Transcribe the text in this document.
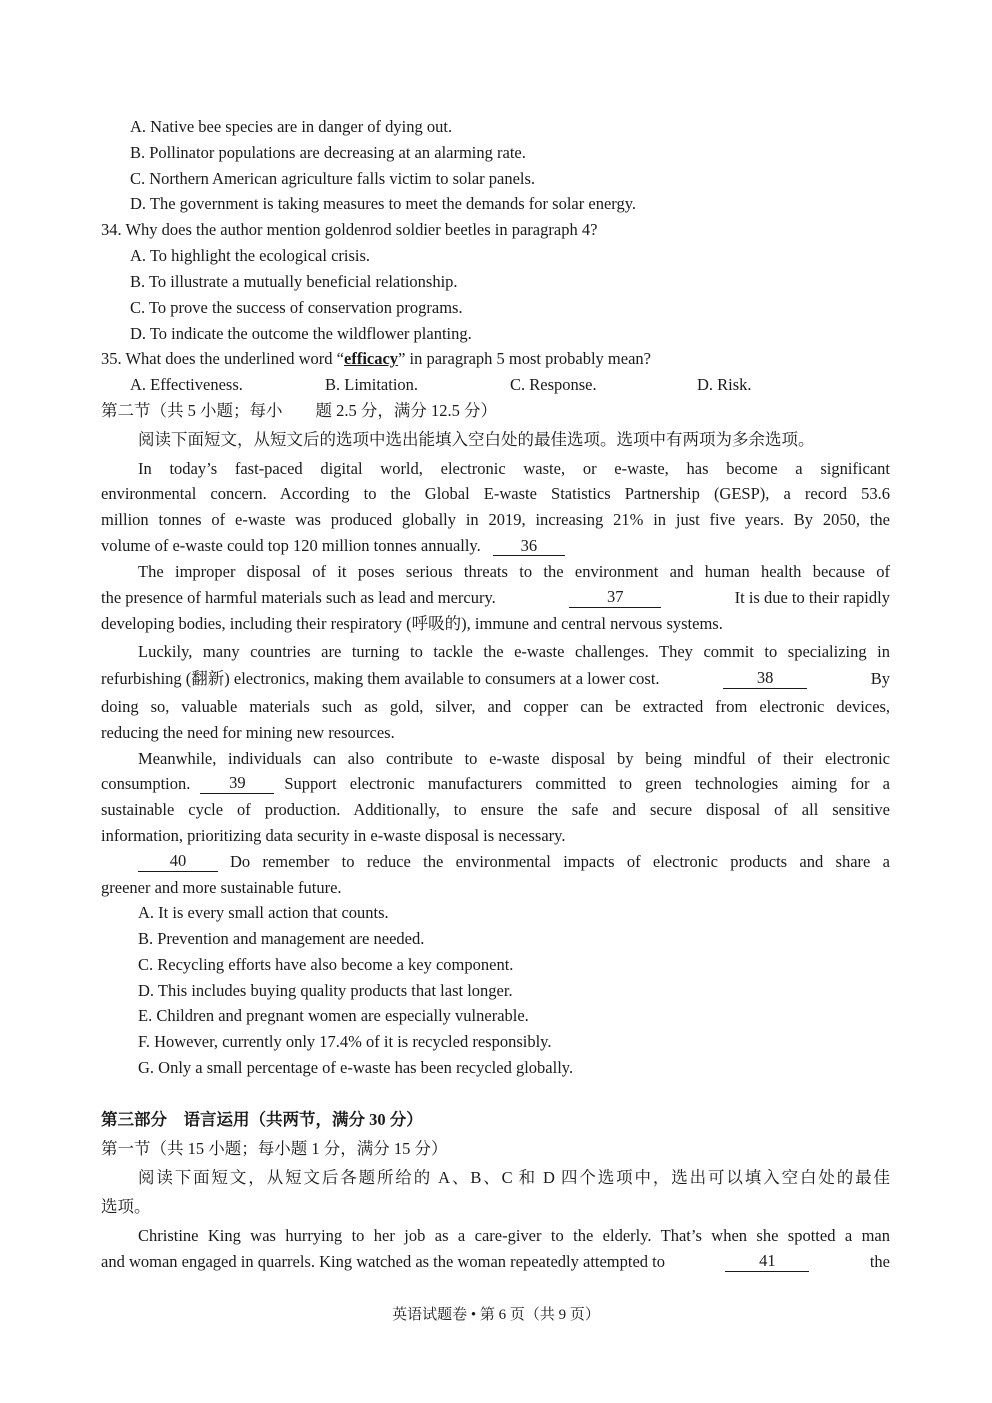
A. Native bee species are in danger of dying out.
B. Pollinator populations are decreasing at an alarming rate.
C. Northern American agriculture falls victim to solar panels.
D. The government is taking measures to meet the demands for solar energy.
34. Why does the author mention goldenrod soldier beetles in paragraph 4?
A. To highlight the ecological crisis.
B. To illustrate a mutually beneficial relationship.
C. To prove the success of conservation programs.
D. To indicate the outcome the wildflower planting.
35. What does the underlined word “efficacy” in paragraph 5 most probably mean?
A. Effectiveness.	B. Limitation.	C. Response.	D. Risk.
第二节（共 5 小题；每小　　题 2.5 分，满分 12.5 分）
阅读下面短文，从短文后的选项中选出能填入空白处的最佳选项。选项中有两项为多余选项。
In today’s fast-paced digital world, electronic waste, or e-waste, has become a significant
environmental concern. According to the Global E-waste Statistics Partnership (GESP), a record 53.6
million tonnes of e-waste was produced globally in 2019, increasing 21% in just five years. By 2050, the
volume of e-waste could top 120 million tonnes annually. 36
The improper disposal of it poses serious threats to the environment and human health because of
the presence of harmful materials such as lead and mercury.	37	It is due to their rapidly
developing bodies, including their respiratory (呼吸的), immune and central nervous systems.
Luckily, many countries are turning to tackle the e-waste challenges. They commit to specializing in
refurbishing (翻新) electronics, making them available to consumers at a lower cost.	38	By
doing so, valuable materials such as gold, silver, and copper can be extracted from electronic devices,
reducing the need for mining new resources.
Meanwhile, individuals can also contribute to e-waste disposal by being mindful of their electronic
consumption.	39	Support electronic manufacturers committed to green technologies aiming for a
sustainable cycle of production. Additionally, to ensure the safe and secure disposal of all sensitive
information, prioritizing data security in e-waste disposal is necessary.
40	Do remember to reduce the environmental impacts of electronic products and share a
greener and more sustainable future.
A. It is every small action that counts.
B. Prevention and management are needed.
C. Recycling efforts have also become a key component.
D. This includes buying quality products that last longer.
E. Children and pregnant women are especially vulnerable.
F. However, currently only 17.4% of it is recycled responsibly.
G. Only a small percentage of e-waste has been recycled globally.
第三部分　语言运用（共两节，满分 30 分）
第一节（共 15 小题；每小题 1 分，满分 15 分）
阅读下面短文，从短文后各题所给的 A、B、C 和 D 四个选项中，选出可以填入空白处的最佳
选项。
Christine King was hurrying to her job as a care-giver to the elderly. That’s when she spotted a man
and woman engaged in quarrels. King watched as the woman repeatedly attempted to	41	the
英语试题卷 • 第 6 页（共 9 页）
